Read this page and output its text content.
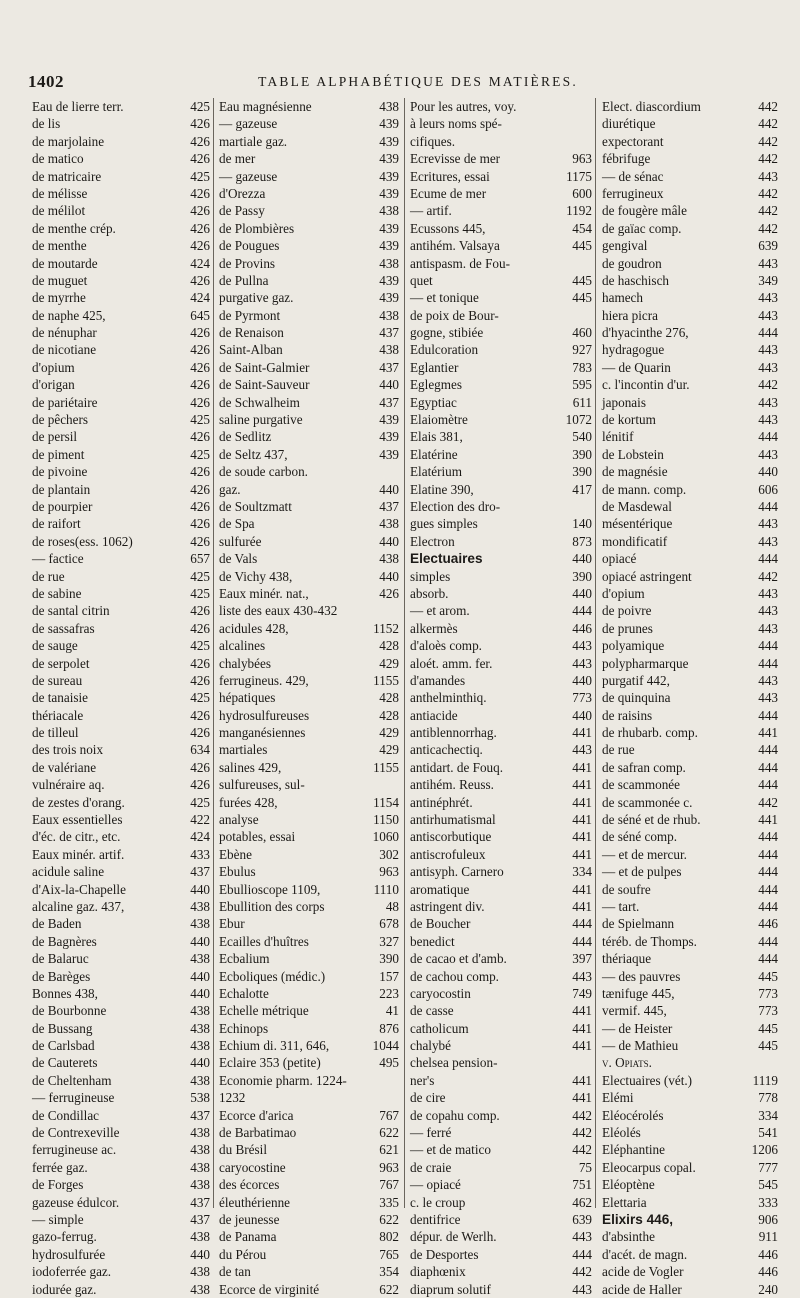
1402	TABLE ALPHABÉTIQUE DES MATIÈRES.
Eau de lierre terr.	425
de lis	426
de marjolaine	426
de matico	426
de matricaire	425
de mélisse	426
de mélilot	426
de menthe crép.	426
de menthe	426
de moutarde	424
de muguet	426
de myrrhe	424
de naphe 425,	645
de nénuphar	426
de nicotiane	426
d'opium	426
d'origan	426
de pariétaire	426
de pêchers	425
de persil	426
de piment	425
de pivoine	426
de plantain	426
de pourpier	426
de raifort	426
de roses(ess. 1062)	426
— factice	657
de rue	425
de sabine	425
de santal citrin	426
de sassafras	426
de sauge	425
de serpolet	426
de sureau	426
de tanaisie	425
thériacale	426
de tilleul	426
des trois noix	634
de valériane	426
vulnéraire aq.	426
de zestes d'orang.	425
Eaux essentielles	422
d'éc. de citr., etc.	424
Eaux minér. artif.	433
acidule saline	437
d'Aix-la-Chapelle	440
alcaline gaz. 437,	438
de Baden	438
de Bagnères	440
de Balaruc	438
de Barèges	440
Bonnes 438,	440
de Bourbonne	438
de Bussang	438
de Carlsbad	438
de Cauterets	440
de Cheltenham	438
— ferrugineuse	538
de Condillac	437
de Contrexeville	438
ferrugineuse ac.	438
ferrée gaz.	438
de Forges	438
gazeuse édulcor.	437
— simple	437
gazo-ferrug.	438
hydrosulfurée	440
iodoferrée gaz.	438
iodurée gaz.	438
Eau magnésienne	438
— gazeuse	439
martiale gaz.	439
de mer	439
— gazeuse	439
d'Orezza	439
de Passy	438
de Plombières	439
de Pougues	439
de Provins	438
de Pullna	439
purgative gaz.	439
de Pyrmont	438
de Renaison	437
Saint-Alban	438
de Saint-Galmier	437
de Saint-Sauveur	440
de Schwalheim	437
saline purgative	439
de Sedlitz	439
de Seltz 437,	439
de soude carbon.
gaz.	440
de Soultzmatt	437
de Spa	438
sulfurée	440
de Vals	438
de Vichy 438,	440
Eaux minér. nat.,	426
liste des eaux 430-432
acidules 428,	1152
alcalines	428
chalybées	429
ferrugineus. 429,	1155
hépatiques	428
hydrosulfureuses	428
manganésiennes	429
martiales	429
salines 429,	1155
sulfureuses, sul-
furées 428,	1154
analyse	1150
potables, essai	1060
Ebène	302
Ebulus	963
Ebullioscope 1109,	1110
Ebullition des corps	48
Ebur	678
Ecailles d'huîtres	327
Ecbalium	390
Ecboliques (médic.)	157
Echalotte	223
Echelle métrique	41
Echinops	876
Echium di. 311, 646,	1044
Eclaire 353 (petite)	495
Economie pharm. 1224-
1232
Ecorce d'arica	767
de Barbatimao	622
du Brésil	621
caryocostine	963
des écorces	767
éleuthérienne	335
de jeunesse	622
de Panama	802
du Pérou	765
de tan	354
Ecorce de virginité	622
Pour les autres, voy.
à leurs noms spé-
cifiques.
Ecrevisse de mer	963
Ecritures, essai	1175
Ecume de mer	600
— artif.	1192
Ecussons 445,	454
antihém. Valsaya	445
antispasm. de Fou-
quet	445
— et tonique	445
de poix de Bour-
gogne, stibiée	460
Edulcoration	927
Eglantier	783
Eglegmes	595
Egyptiac	611
Elaiomètre	1072
Elais 381,	540
Elatérine	390
Elatérium	390
Elatine 390,	417
Election des dro-
gues simples	140
Electron	873
Electuaires	440
simples	390
absorb.	440
— et arom.	444
alkermès	446
d'aloès comp.	443
aloét. amm. fer.	443
d'amandes	440
anthelminthiq.	773
antiacide	440
antiblennorrhag.	441
anticachectiq.	443
antidart. de Fouq.	441
antihém. Reuss.	441
antinéphrét.	441
antirhumatismal	441
antiscorbutique	441
antiscrofuleux	441
antisyph. Carnero	334
aromatique	441
astringent div.	441
de Boucher	444
benedict	444
de cacao et d'amb.	397
de cachou comp.	443
caryocostin	749
de casse	441
catholicum	441
chalybé	441
chelsea pension-
ner's	441
de cire	441
de copahu comp.	442
— ferré	442
— et de matico	442
de craie	75
— opiacé	751
c. le croup	462
dentifrice	639
dépur. de Werlh.	443
de Desportes	444
diaphœnix	442
diaprum solutif	443
Elect. diascordium	442
diurétique	442
expectorant	442
fébrifuge	442
— de sénac	443
ferrugineux	442
de fougère mâle	442
de gaïac comp.	442
gengival	639
de goudron	443
de haschisch	349
hamech	443
hiera picra	443
d'hyacinthe 276,	444
hydragogue	443
— de Quarin	443
c. l'incontin d'ur.	442
japonais	443
de kortum	443
lénitif	444
de Lobstein	443
de magnésie	440
de mann. comp.	606
de Masdewal	444
mésentérique	443
mondificatif	443
opiacé	444
opiacé astringent	442
d'opium	443
de poivre	443
de prunes	443
polyamique	444
polypharmarque	444
purgatif 442,	443
de quinquina	443
de raisins	444
de rhubarb. comp.	441
de rue	444
de safran comp.	444
de scammonée	444
de scammonée c.	442
de séné et de rhub.	441
de séné comp.	444
— et de mercur.	444
— et de pulpes	444
de soufre	444
— tart.	444
de Spielmann	446
téréb. de Thomps.	444
thériaque	444
— des pauvres	445
tænifuge 445,	773
vermif. 445,	773
— de Heister	445
— de Mathieu	445
v. Opiats.
Electuaires (vét.)	1119
Elémi	778
Eléocérolés	334
Eléolés	541
Eléphantine	1206
Eleocarpus copal.	777
Eléoptène	545
Elettaria	333
Elixirs 446,	906
d'absinthe	911
d'acét. de magn.	446
acide de Vogler	446
acide de Haller	240
